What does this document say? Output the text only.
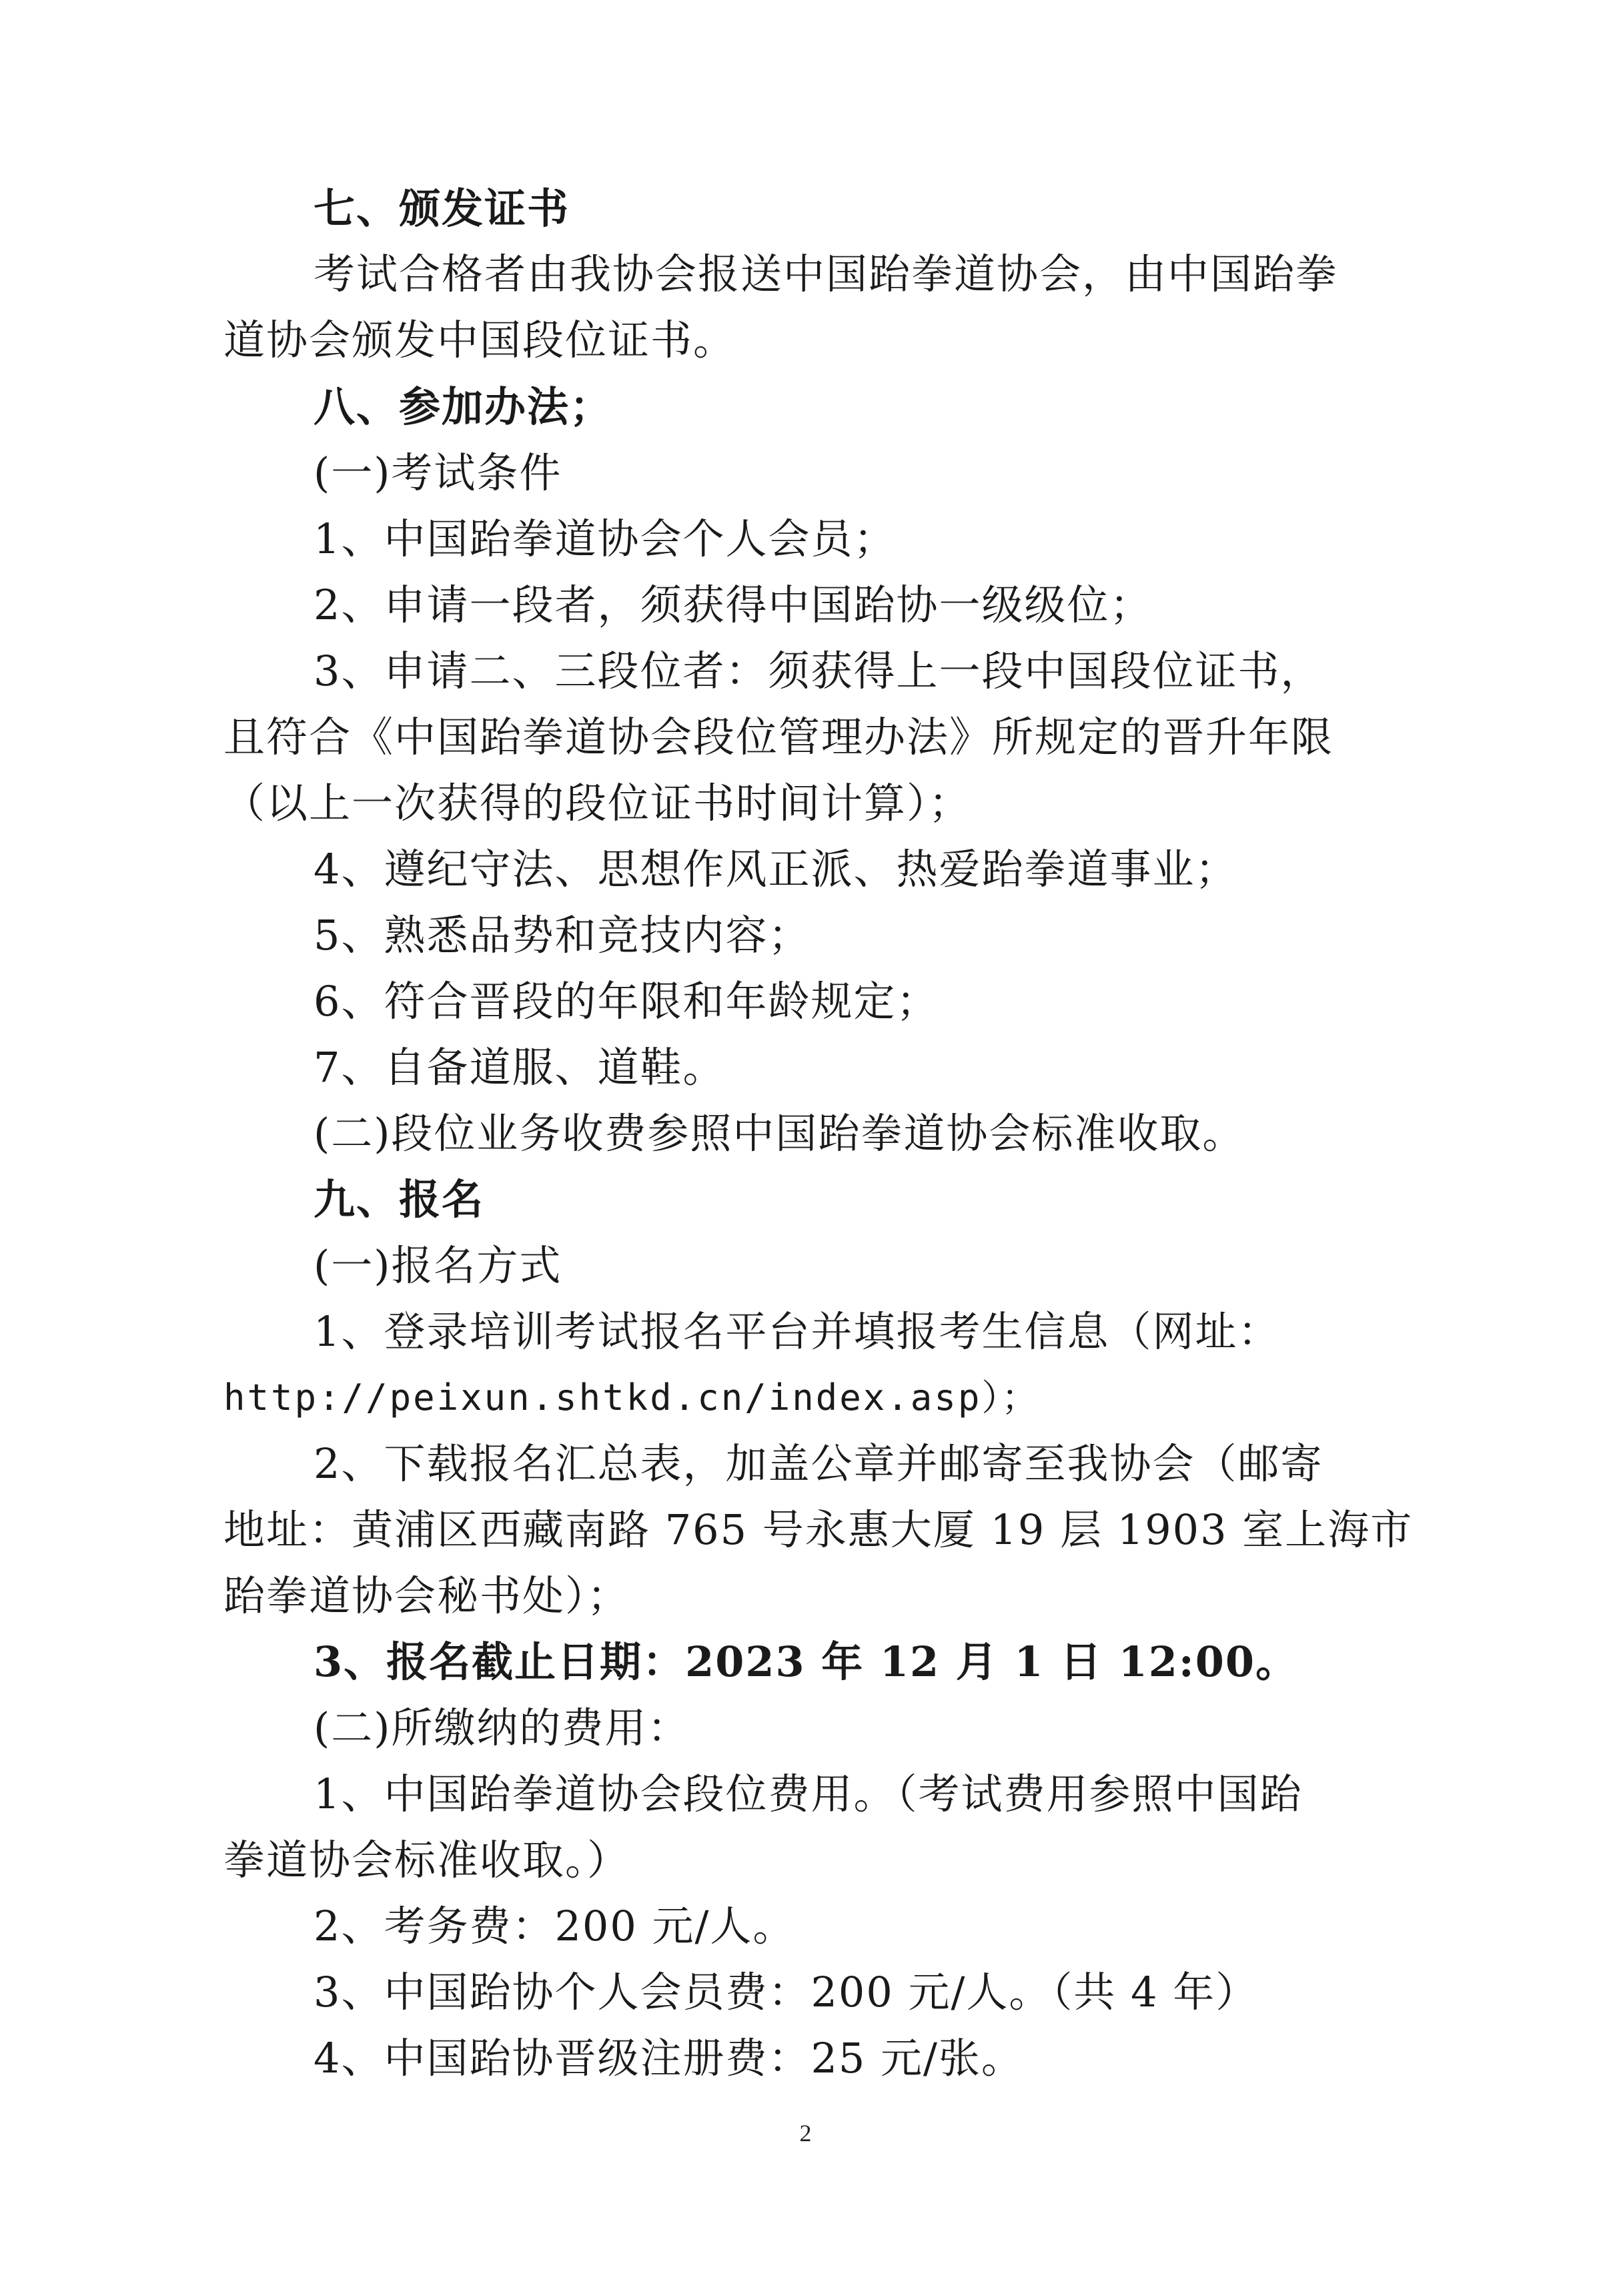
七、颁发证书
考试合格者由我协会报送中国跆拳道协会，由中国跆拳
道协会颁发中国段位证书。
八、参加办法；
(一)考试条件
1、中国跆拳道协会个人会员；
2、申请一段者，须获得中国跆协一级级位；
3、申请二、三段位者：须获得上一段中国段位证书，
且符合《中国跆拳道协会段位管理办法》所规定的晋升年限
（以上一次获得的段位证书时间计算）；
4、遵纪守法、思想作风正派、热爱跆拳道事业；
5、熟悉品势和竞技内容；
6、符合晋段的年限和年龄规定；
7、自备道服、道鞋。
(二)段位业务收费参照中国跆拳道协会标准收取。
九、报名
(一)报名方式
1、登录培训考试报名平台并填报考生信息（网址：
http://peixun.shtkd.cn/index.asp）；
2、下载报名汇总表，加盖公章并邮寄至我协会（邮寄
地址：黄浦区西藏南路 765 号永惠大厦 19 层 1903 室上海市
跆拳道协会秘书处）；
3、报名截止日期：2023 年 12 月 1 日 12:00。
(二)所缴纳的费用：
1、中国跆拳道协会段位费用。（考试费用参照中国跆
拳道协会标准收取。）
2、考务费：200 元/人。
3、中国跆协个人会员费：200 元/人。（共 4 年）
4、中国跆协晋级注册费：25 元/张。
2
